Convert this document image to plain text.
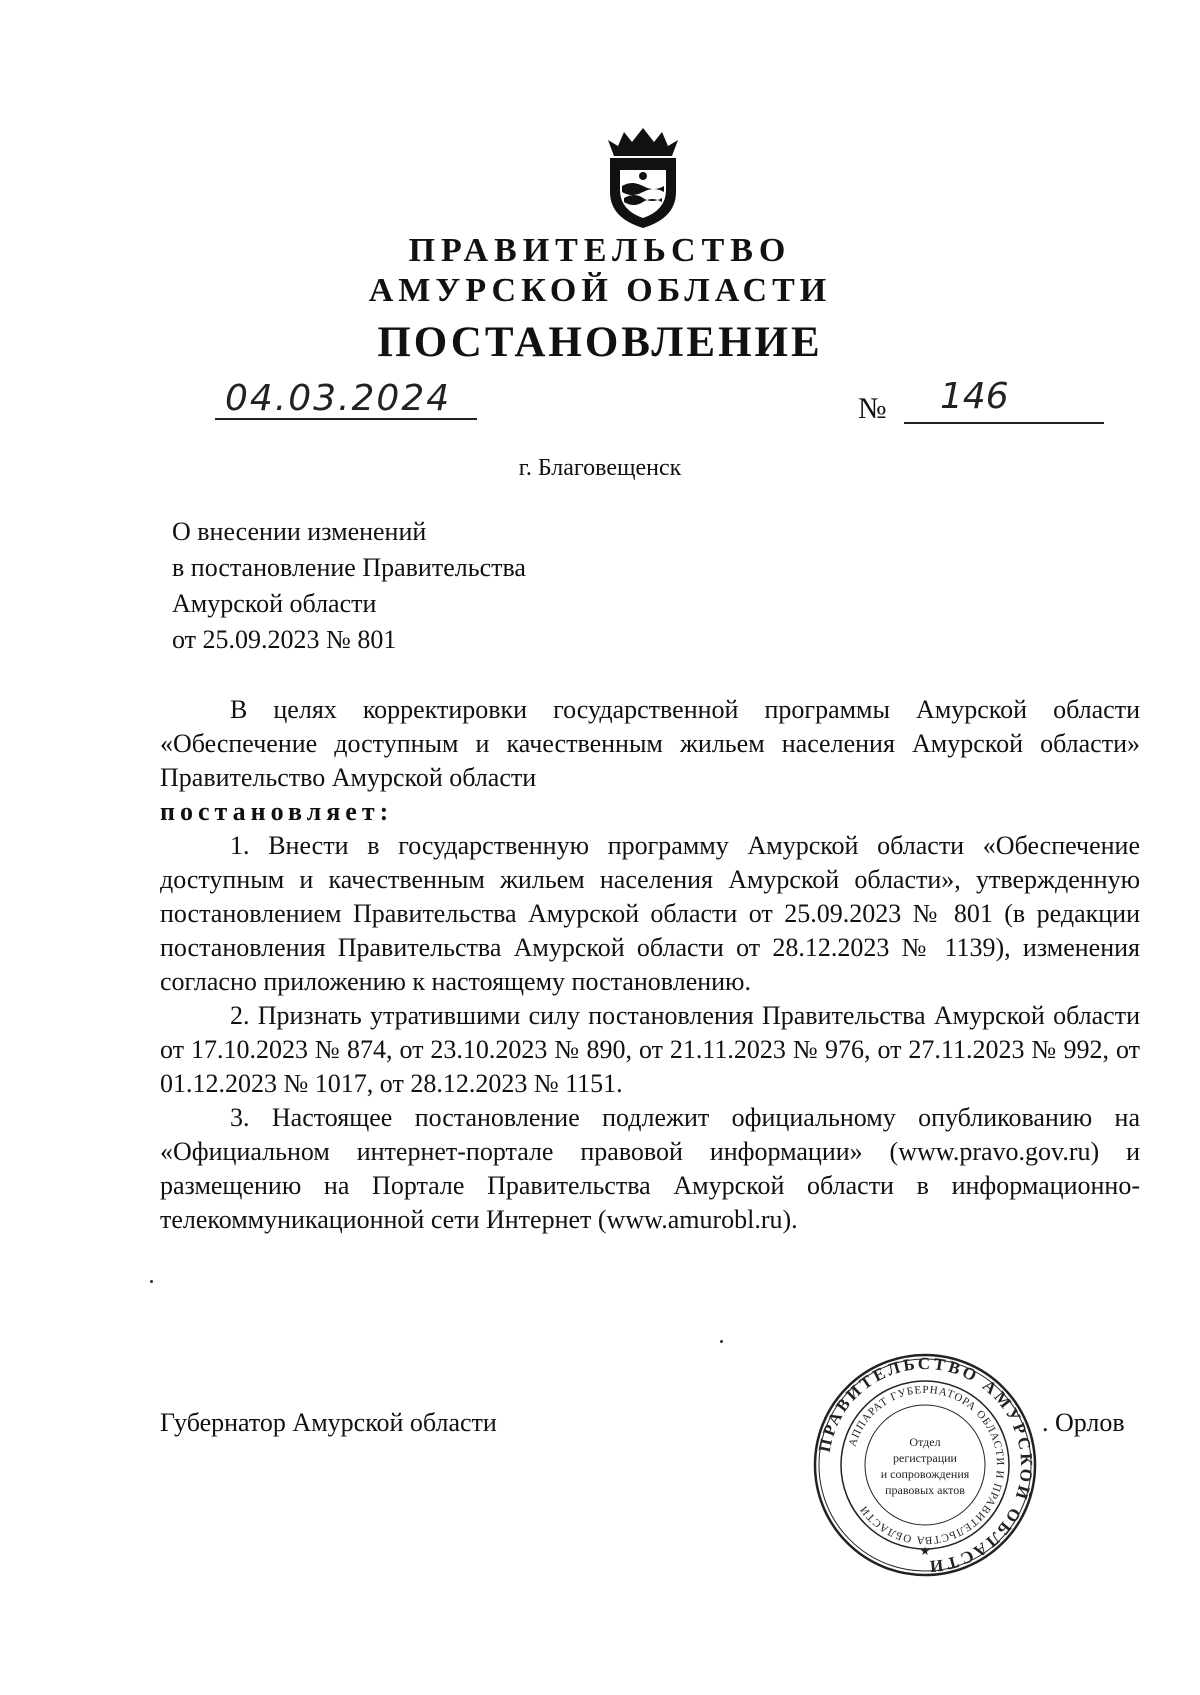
ПРАВИТЕЛЬСТВО
АМУРСКОЙ ОБЛАСТИ
ПОСТАНОВЛЕНИЕ
04.03.2024	№ 146
г. Благовещенск
О внесении изменений
в постановление Правительства
Амурской области
от 25.09.2023 № 801

В целях корректировки государственной программы Амурской области «Обеспечение доступным и качественным жильем населения Амурской области» Правительство Амурской области

постановляет:

1. Внести в государственную программу Амурской области «Обеспечение доступным и качественным жильем населения Амурской области», утвержденную постановлением Правительства Амурской области от 25.09.2023 № 801 (в редакции постановления Правительства Амурской области от 28.12.2023 № 1139), изменения согласно приложению к настоящему постановлению.

2. Признать утратившими силу постановления Правительства Амурской области от 17.10.2023 № 874, от 23.10.2023 № 890, от 21.11.2023 № 976, от 27.11.2023 № 992, от 01.12.2023 № 1017, от 28.12.2023 № 1151.

3. Настоящее постановление подлежит официальному опубликованию на «Официальном интернет-портале правовой информации» (www.pravo.gov.ru) и размещению на Портале Правительства Амурской области в информационно-телекоммуникационной сети Интернет (www.amurobl.ru).

Губернатор Амурской области
ПРАВИТЕЛЬСТВО АМУРСКОЙ ОБЛАСТИ
АППАРАТ ГУБЕРНАТОРА ОБЛАСТИ И ПРАВИТЕЛЬСТВА ОБЛАСТИ
Отдел
регистрации
и сопровождения
правовых актов
★
. Орлов
